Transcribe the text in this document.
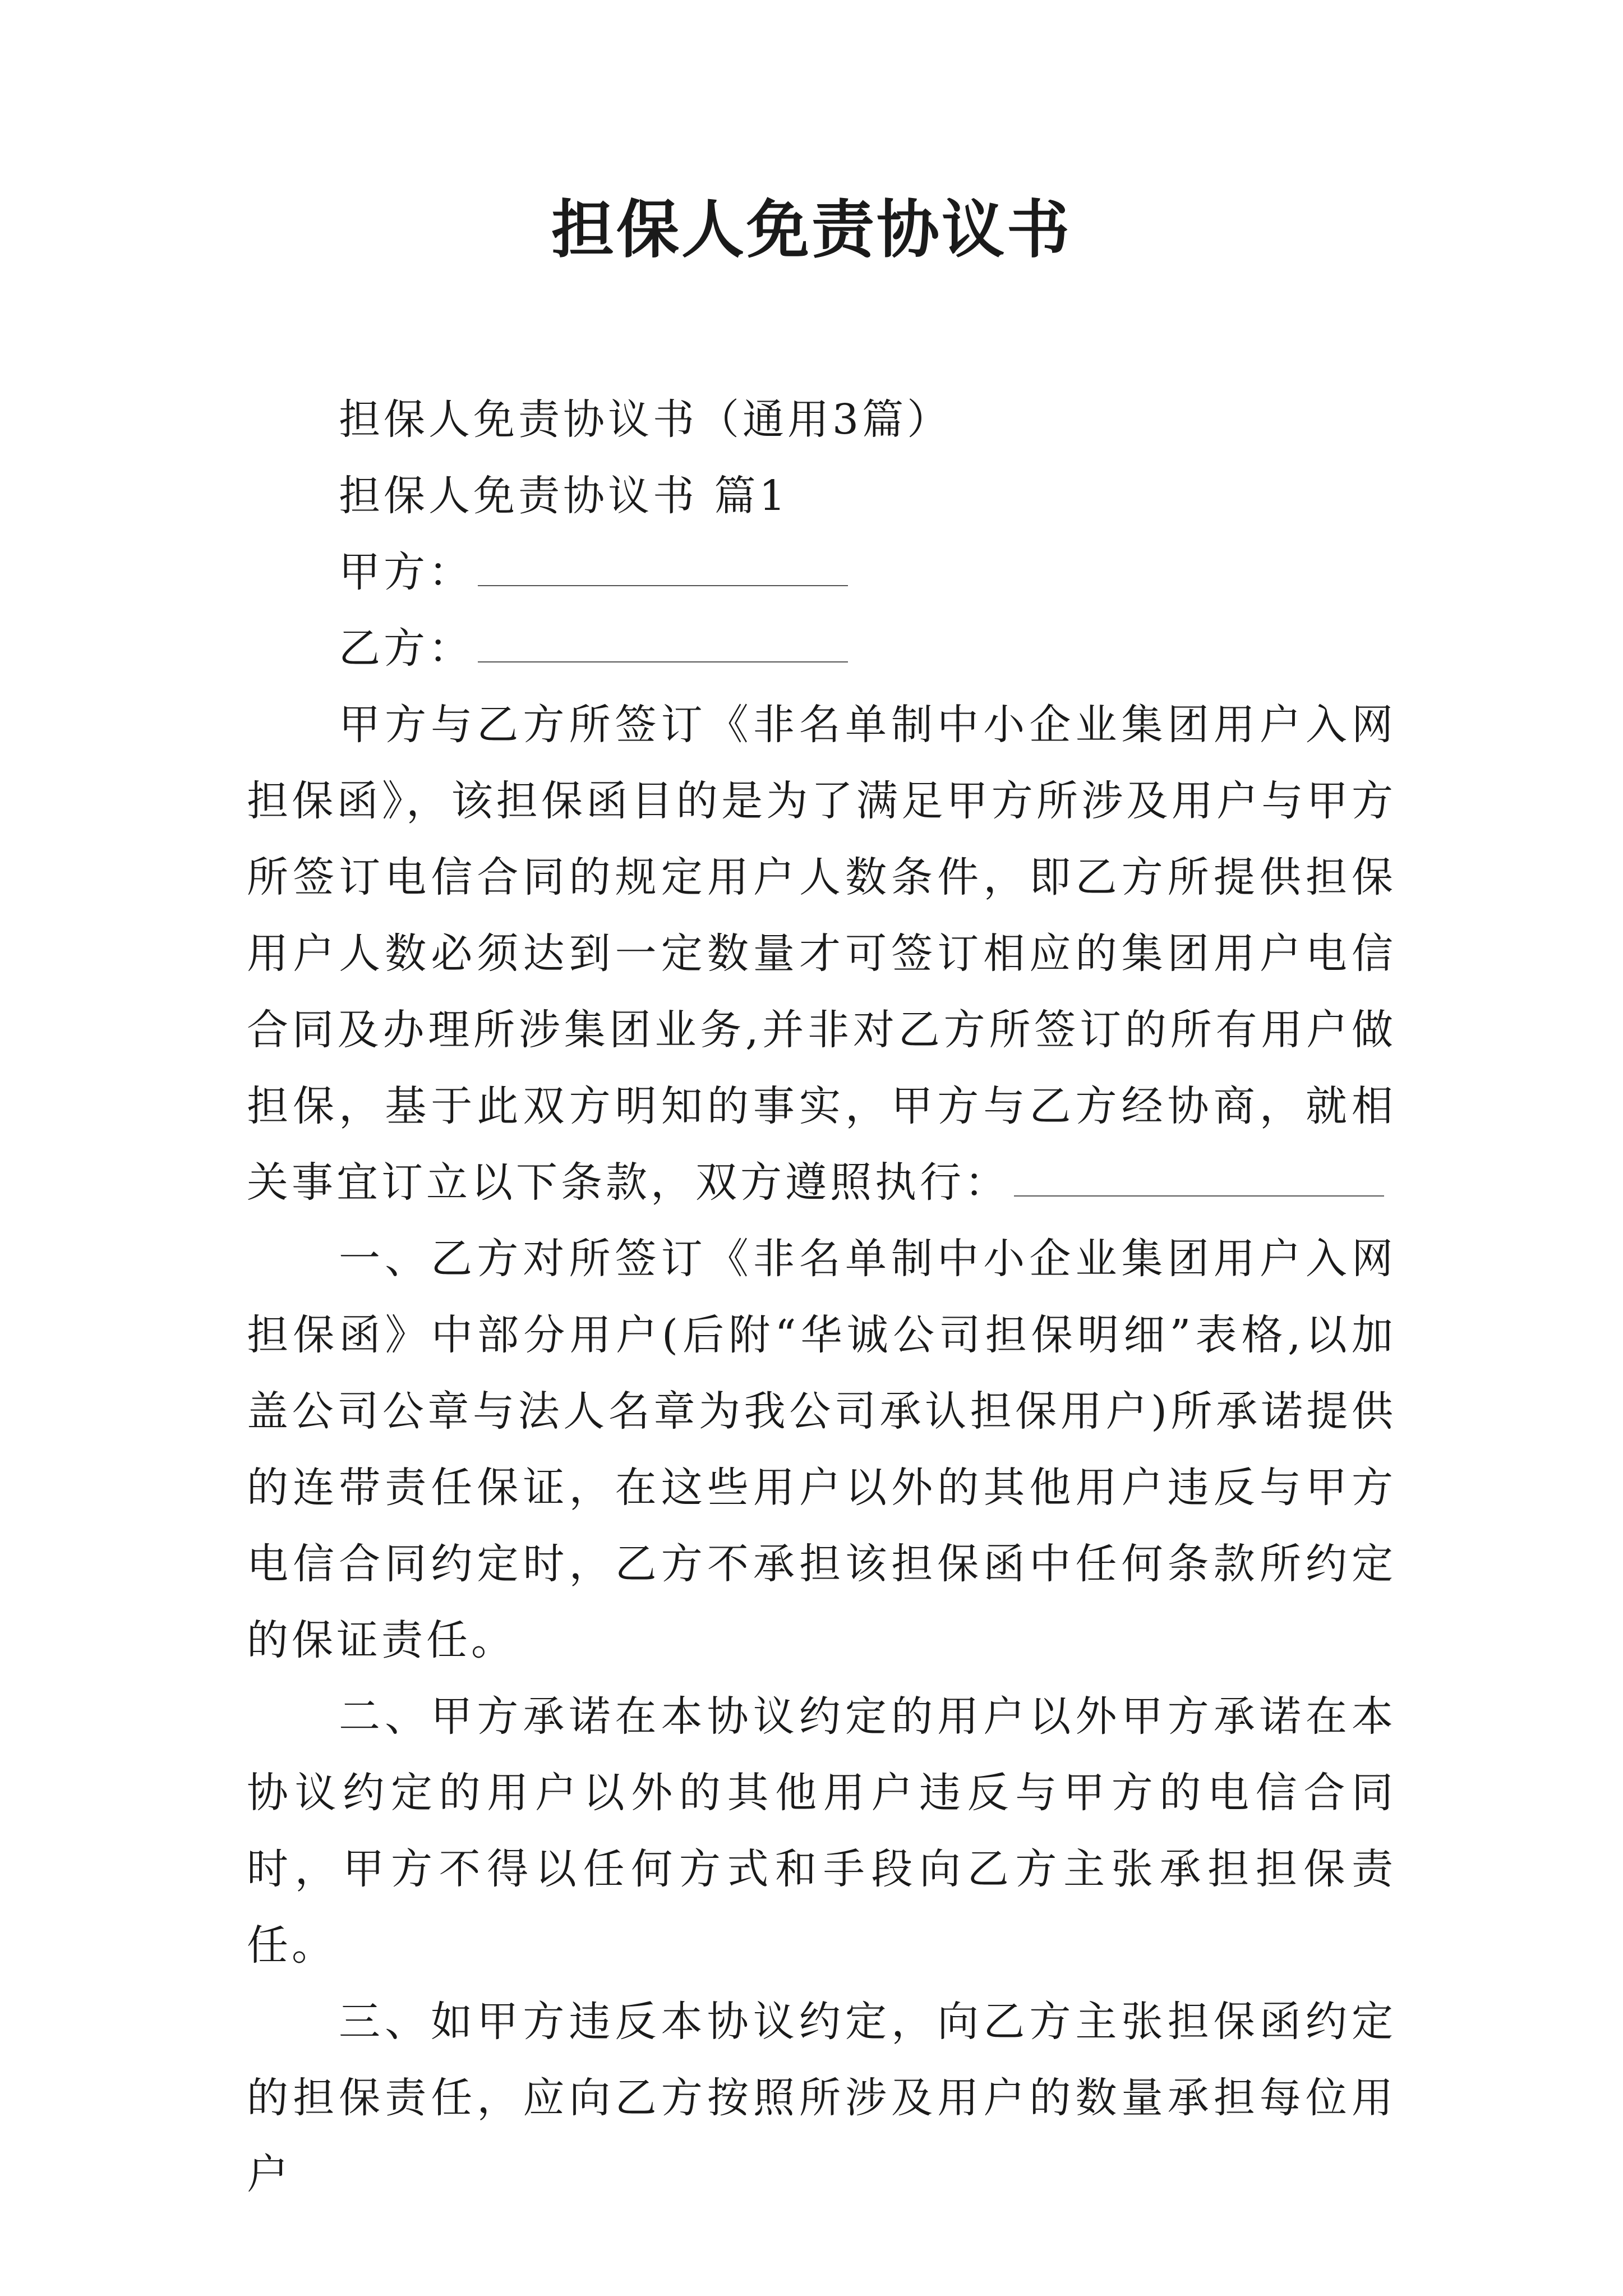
担保人免责协议书
担保人免责协议书（通用3篇）
担保人免责协议书 篇1
甲方：
乙方：

甲方与乙方所签订《非名单制中小企业集团用户入网担保函》，该担保函目的是为了满足甲方所涉及用户与甲方所签订电信合同的规定用户人数条件，即乙方所提供担保用户人数必须达到一定数量才可签订相应的集团用户电信合同及办理所涉集团业务,并非对乙方所签订的所有用户做担保，基于此双方明知的事实，甲方与乙方经协商，就相关事宜订立以下条款，双方遵照执行：

一、乙方对所签订《非名单制中小企业集团用户入网担保函》中部分用户(后附“华诚公司担保明细”表格,以加盖公司公章与法人名章为我公司承认担保用户)所承诺提供的连带责任保证，在这些用户以外的其他用户违反与甲方电信合同约定时，乙方不承担该担保函中任何条款所约定的保证责任。

二、甲方承诺在本协议约定的用户以外甲方承诺在本协议约定的用户以外的其他用户违反与甲方的电信合同时，甲方不得以任何方式和手段向乙方主张承担担保责任。

三、如甲方违反本协议约定，向乙方主张担保函约定的担保责任，应向乙方按照所涉及用户的数量承担每位用户
